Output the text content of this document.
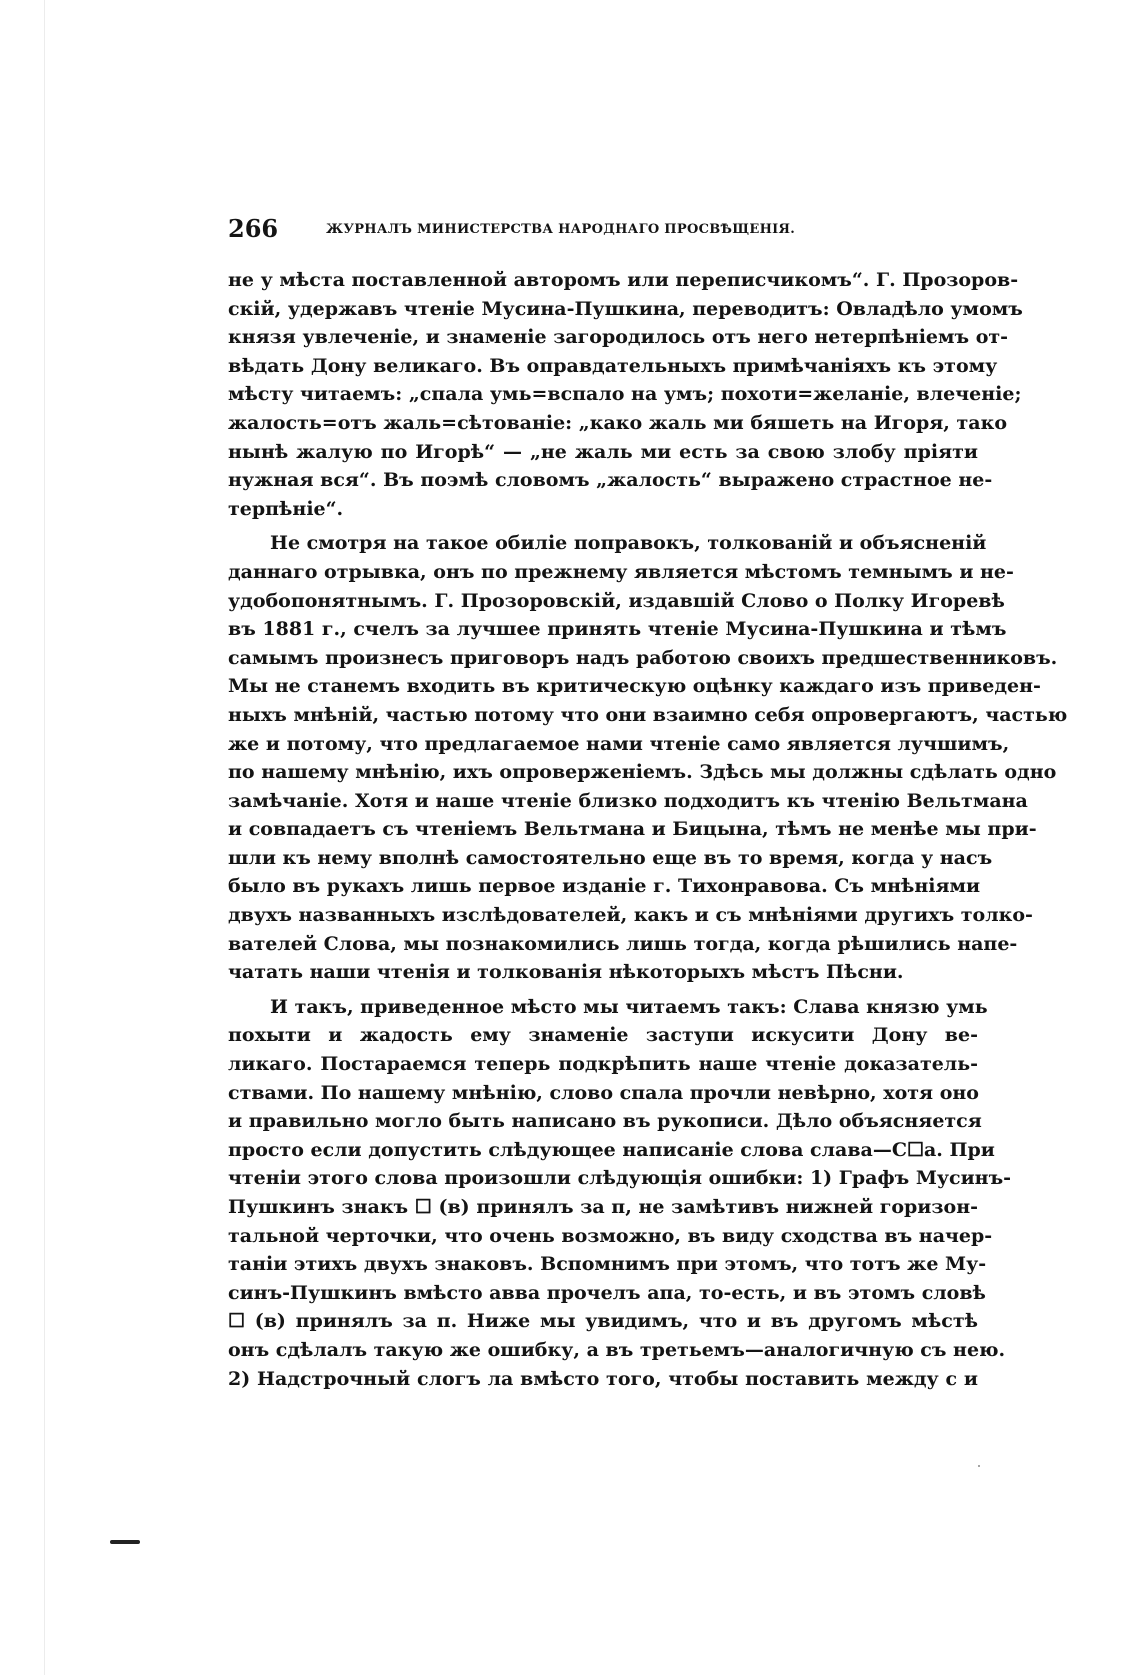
266	ЖУРНАЛЪ МИНИСТЕРСТВА НАРОДНАГО ПРОСВѢЩЕНІЯ.
не у мѣста поставленной авторомъ или переписчикомъ“. Г. Прозоров-
скій, удержавъ чтеніе Мусина-Пушкина, переводитъ: Овладѣло умомъ
князя увлеченіе, и знаменіе загородилось отъ него нетерпѣніемъ от-
вѣдать Дону великаго. Въ оправдательныхъ примѣчаніяхъ къ этому
мѣсту читаемъ: „спала умь=вспало на умъ; похоти=желаніе, влеченіе;
жалость=отъ жаль=сѣтованіе: „како жаль ми бяшеть на Игоря, тако
нынѣ жалую по Игорѣ“ — „не жаль ми есть за свою злобу пріяти
нужная вся“. Въ поэмѣ словомъ „жалость“ выражено страстное не-
терпѣніе“.
Не смотря на такое обиліе поправокъ, толкованій и объясненій
даннаго отрывка, онъ по прежнему является мѣстомъ темнымъ и не-
удобопонятнымъ. Г. Прозоровскій, издавшій Слово о Полку Игоревѣ
въ 1881 г., счелъ за лучшее принять чтеніе Мусина-Пушкина и тѣмъ
самымъ произнесъ приговоръ надъ работою своихъ предшественниковъ.
Мы не станемъ входить въ критическую оцѣнку каждаго изъ приведен-
ныхъ мнѣній, частью потому что они взаимно себя опровергаютъ, частью
же и потому, что предлагаемое нами чтеніе само является лучшимъ,
по нашему мнѣнію, ихъ опроверженіемъ. Здѣсь мы должны сдѣлать одно
замѣчаніе. Хотя и наше чтеніе близко подходитъ къ чтенію Вельтмана
и совпадаетъ съ чтеніемъ Вельтмана и Бицына, тѣмъ не менѣе мы при-
шли къ нему вполнѣ самостоятельно еще въ то время, когда у насъ
было въ рукахъ лишь первое изданіе г. Тихонравова. Съ мнѣніями
двухъ названныхъ изслѣдователей, какъ и съ мнѣніями другихъ толко-
вателей Слова, мы познакомились лишь тогда, когда рѣшились напе-
чатать наши чтенія и толкованія нѣкоторыхъ мѣстъ Пѣсни.
И такъ, приведенное мѣсто мы читаемъ такъ: Слава князю умь
похыти и жадость ему знаменіе заступи искусити Дону ве-
ликаго. Постараемся теперь подкрѣпить наше чтеніе доказатель-
ствами. По нашему мнѣнію, слово спала прочли невѣрно, хотя оно
и правильно могло быть написано въ рукописи. Дѣло объясняется
просто если допустить слѣдующее написаніе слова слава—С☐а. При
чтеніи этого слова произошли слѣдующія ошибки: 1) Графъ Мусинъ-
Пушкинъ знакъ ☐ (в) принялъ за п, не замѣтивъ нижней горизон-
тальной черточки, что очень возможно, въ виду сходства въ начер-
таніи этихъ двухъ знаковъ. Вспомнимъ при этомъ, что тотъ же Му-
синъ-Пушкинъ вмѣсто авва прочелъ апа, то-есть, и въ этомъ словѣ
☐ (в) принялъ за п. Ниже мы увидимъ, что и въ другомъ мѣстѣ
онъ сдѣлалъ такую же ошибку, а въ третьемъ—аналогичную съ нею.
2) Надстрочный слогъ ла вмѣсто того, чтобы поставить между с и
